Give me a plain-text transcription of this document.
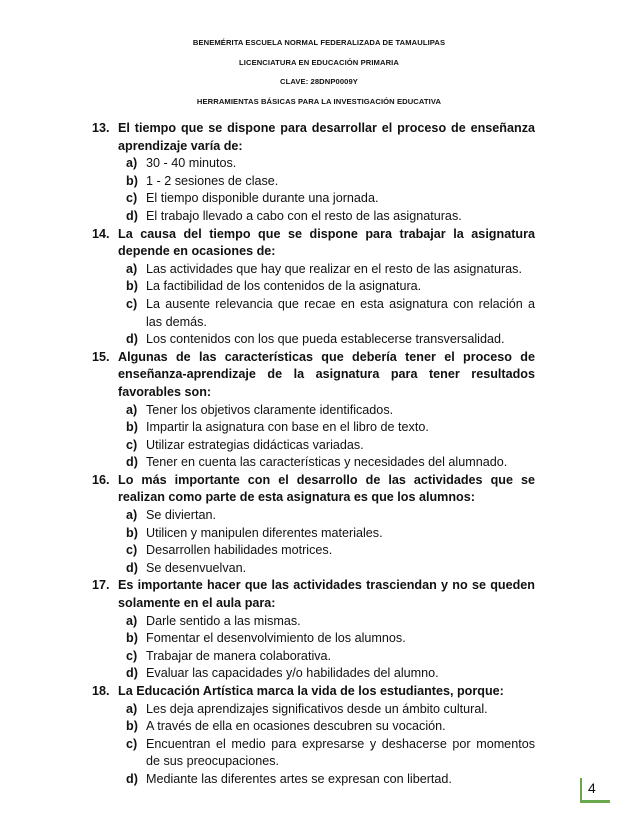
BENEMÉRITA ESCUELA NORMAL FEDERALIZADA DE TAMAULIPAS
LICENCIATURA EN EDUCACIÓN PRIMARIA
CLAVE: 28DNP0009Y
HERRAMIENTAS BÁSICAS PARA LA INVESTIGACIÓN EDUCATIVA
13. El tiempo que se dispone para desarrollar el proceso de enseñanza aprendizaje varía de:
a) 30 - 40 minutos.
b) 1 - 2 sesiones de clase.
c) El tiempo disponible durante una jornada.
d) El trabajo llevado a cabo con el resto de las asignaturas.
14. La causa del tiempo que se dispone para trabajar la asignatura depende en ocasiones de:
a) Las actividades que hay que realizar en el resto de las asignaturas.
b) La factibilidad de los contenidos de la asignatura.
c) La ausente relevancia que recae en esta asignatura con relación a las demás.
d) Los contenidos con los que pueda establecerse transversalidad.
15. Algunas de las características que debería tener el proceso de enseñanza-aprendizaje de la asignatura para tener resultados favorables son:
a) Tener los objetivos claramente identificados.
b) Impartir la asignatura con base en el libro de texto.
c) Utilizar estrategias didácticas variadas.
d) Tener en cuenta las características y necesidades del alumnado.
16. Lo más importante con el desarrollo de las actividades que se realizan como parte de esta asignatura es que los alumnos:
a) Se diviertan.
b) Utilicen y manipulen diferentes materiales.
c) Desarrollen habilidades motrices.
d) Se desenvuelvan.
17. Es importante hacer que las actividades trasciendan y no se queden solamente en el aula para:
a) Darle sentido a las mismas.
b) Fomentar el desenvolvimiento de los alumnos.
c) Trabajar de manera colaborativa.
d) Evaluar las capacidades y/o habilidades del alumno.
18. La Educación Artística marca la vida de los estudiantes, porque:
a) Les deja aprendizajes significativos desde un ámbito cultural.
b) A través de ella en ocasiones descubren su vocación.
c) Encuentran el medio para expresarse y deshacerse por momentos de sus preocupaciones.
d) Mediante las diferentes artes se expresan con libertad.
4
